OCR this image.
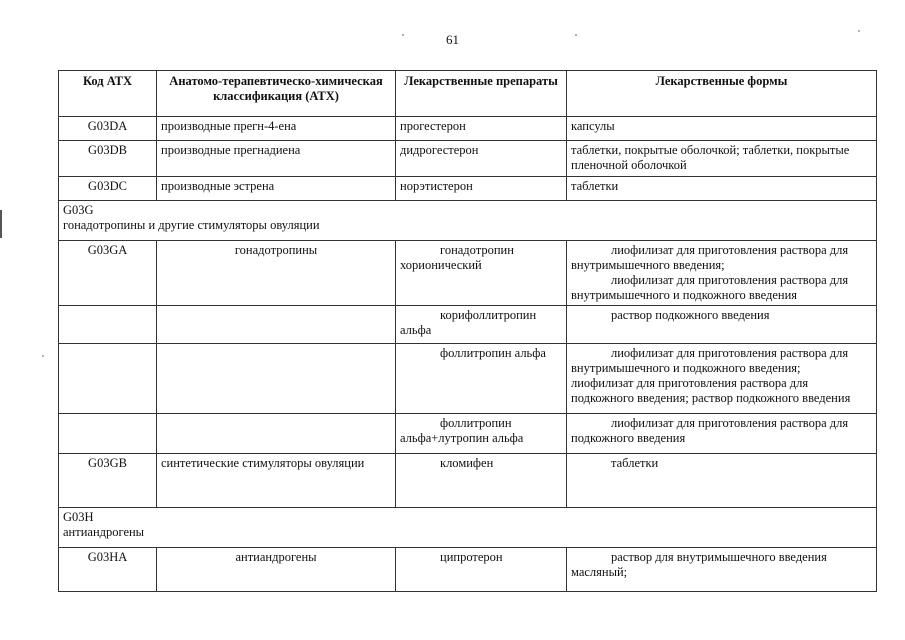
61
Код АТХ	Анатомо-терапевтическо-химическая классификация (АТХ)	Лекарственные препараты	Лекарственные формы
G03DA	производные прегн-4-ена	прогестерон	капсулы
G03DB	производные прегнадиена	дидрогестерон	таблетки, покрытые оболочкой; таблетки, покрытые пленочной оболочкой
G03DC	производные эстрена	норэтистерон	таблетки

G03G
гонадотропины и другие стимуляторы овуляции			

G03GA	гонадотропины	гонадотропин хорионический	лиофилизат для приготовления раствора для внутримышечного введения;
лиофилизат для приготовления раствора для внутримышечного и подкожного введения

		корифоллитропин альфа	раствор подкожного введения
		фоллитропин альфа	лиофилизат для приготовления раствора для внутримышечного и подкожного введения;
лиофилизат для приготовления раствора для подкожного введения; раствор подкожного введения

		фоллитропин альфа+лутропин альфа	лиофилизат для приготовления раствора для подкожного введения
G03GB	синтетические стимуляторы овуляции	кломифен	таблетки

G03H
антиандрогены			

G03HA	антиандрогены	ципротерон	раствор для внутримышечного введения масляный;
